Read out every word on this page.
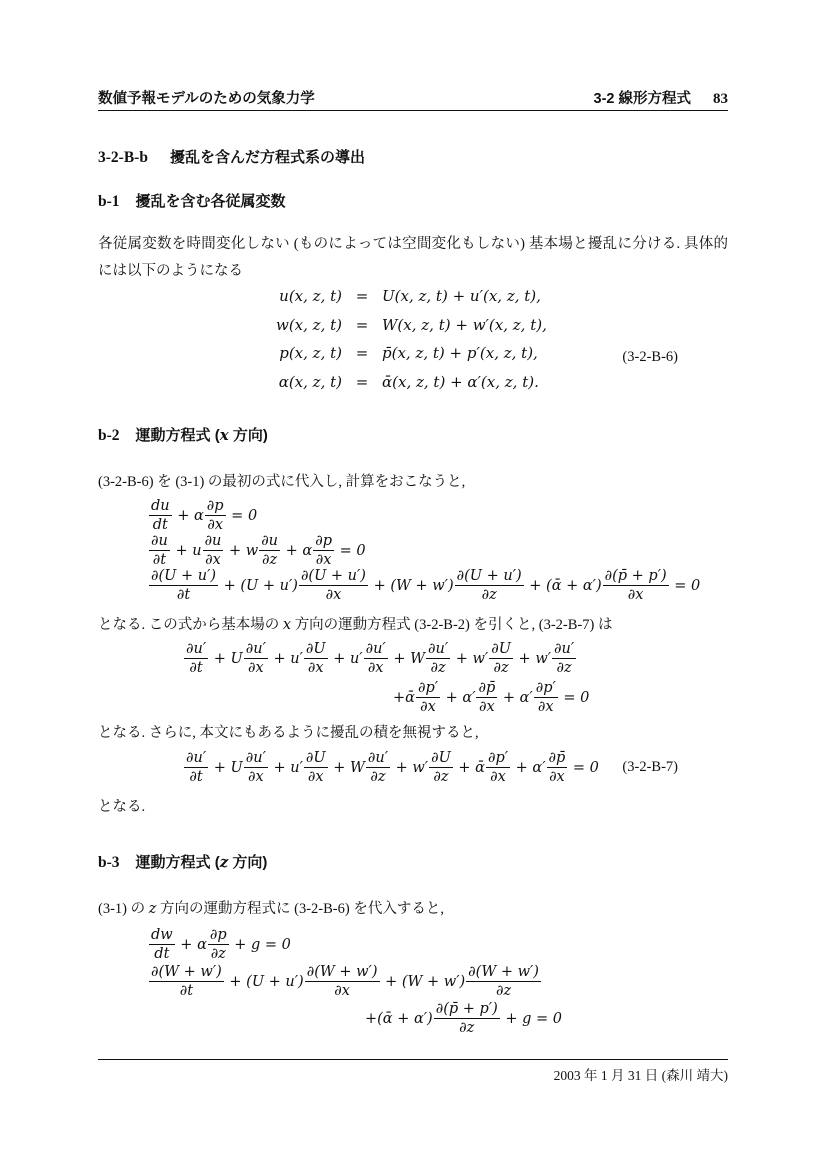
数値予報モデルのための気象力学	3-2 線形方程式 83
3-2-B-b 擾乱を含んだ方程式系の導出
b-1 擾乱を含む各従属変数
各従属変数を時間変化しない (ものによっては空間変化もしない) 基本場と擾乱に分ける. 具体的には以下のようになる
u(x, z, t) = U(x, z, t) + u′(x, z, t),
w(x, z, t) = W(x, z, t) + w′(x, z, t),
p(x, z, t) = p̄(x, z, t) + p′(x, z, t),
α(x, z, t) = ᾱ(x, z, t) + α′(x, z, t).
(3-2-B-6)
b-2 運動方程式 (x 方向)
(3-2-B-6) を (3-1) の最初の式に代入し, 計算をおこなうと,
$\frac{du}{dt} + \alpha \frac{\partial p}{\partial x} = 0$
$\frac{\partial u}{\partial t} + u \frac{\partial u}{\partial x} + w \frac{\partial u}{\partial z} + \alpha \frac{\partial p}{\partial x} = 0$
$\frac{\partial(U + u')}{\partial t} + (U + u') \frac{\partial(U + u')}{\partial x} + (W + w') \frac{\partial(U + u')}{\partial z}$ + (ᾱ + $\alpha') \frac{\partial(p̄ + p')}{\partial x} = 0$
となる. この式から基本場の x 方向の運動方程式 (3-2-B-2) を引くと, (3-2-B-7) は
$\frac{\partial u'}{\partial t} + U \frac{\partial u'}{\partial x} + u' \frac{\partial U}{\partial x} + u' \frac{\partial u'}{\partial x} + W \frac{\partial u'}{\partial z} + w' \frac{\partial U}{\partial z} + w' \frac{\partial u'}{\partial z}$
+ᾱ $\frac{\partial p'}{\partial x} + \alpha' \frac{\partial p̄}{\partial x} + \alpha' \frac{\partial p'}{\partial x} = 0$
となる. さらに, 本文にもあるように擾乱の積を無視すると,
$\frac{\partial u'}{\partial t} + U \frac{\partial u'}{\partial x} + u' \frac{\partial U}{\partial x} + W \frac{\partial u'}{\partial z} + w' \frac{\partial U}{\partial z}$ + ᾱ $\frac{\partial p'}{\partial x} + \alpha' \frac{\partial p̄}{\partial x} = 0$ (3-2-B-7)
となる.
b-3 運動方程式 (z 方向)
(3-1) の z 方向の運動方程式に (3-2-B-6) を代入すると,
$\frac{dw}{dt} + \alpha \frac{\partial p}{\partial z} + g = 0$
$\frac{\partial(W + w')}{\partial t} + (U + u') \frac{\partial(W + w')}{\partial x} + (W + w') \frac{\partial(W + w')}{\partial z}$
+(ᾱ + $\alpha') \frac{\partial(p̄ + p')}{\partial z} + g = 0$
2003 年 1 月 31 日 (森川 靖大)
